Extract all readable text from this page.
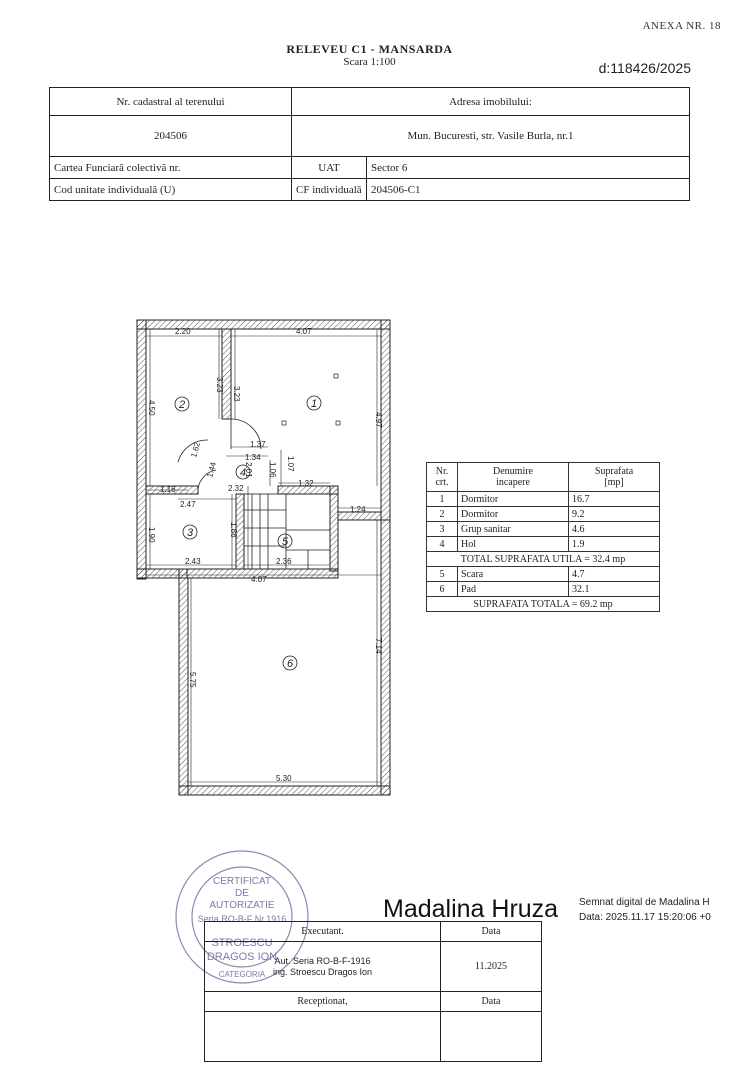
ANEXA NR. 18
RELEVEU C1 - MANSARDA
Scara 1:100	d:118426/2025
Nr. cadastral al terenului	Adresa imobilului:	
204506	Mun. Bucuresti, str. Vasile Burla, nr.1	
Cartea Funciară colectivă nr.	UAT	Sector 6
Cod unitate individuală (U)	CF individuală	204506-C1
2.20	4.07
3.23
3.23
4.50
4.97
1.37
1.62
1.44
1.34
1.06 1.07
2.32
2.01
1.16
2.47
1.32
1.24
1.90	1.88
2.43	2.36
4.07
5.75
7.14
5.30
1
2
3
4
5
6
Nr.
crt.	Denumire
incapere	Suprafata
[mp]
1	Dormitor	16.7
2	Dormitor	9.2
3	Grup sanitar	4.6
4	Hol	1.9
TOTAL SUPRAFATA UTILA = 32.4 mp		
5	Scara	4.7
6	Pad	32.1
SUPRAFATA TOTALA = 69.2 mp		
CERTIFICAT
DE
AUTORIZATIE
Seria RO-B-F Nr.1916
STROESCU
DRAGOS ION
CATEGORIA
Madalina Hruza Semnat digital de Madalina H
Data: 2025.11.17 15:20:06 +0
Executant.	Data

Aut. Seria RO-B-F-1916
ing. Stroescu Dragos Ion	11.2025
Receptionat,	Data
